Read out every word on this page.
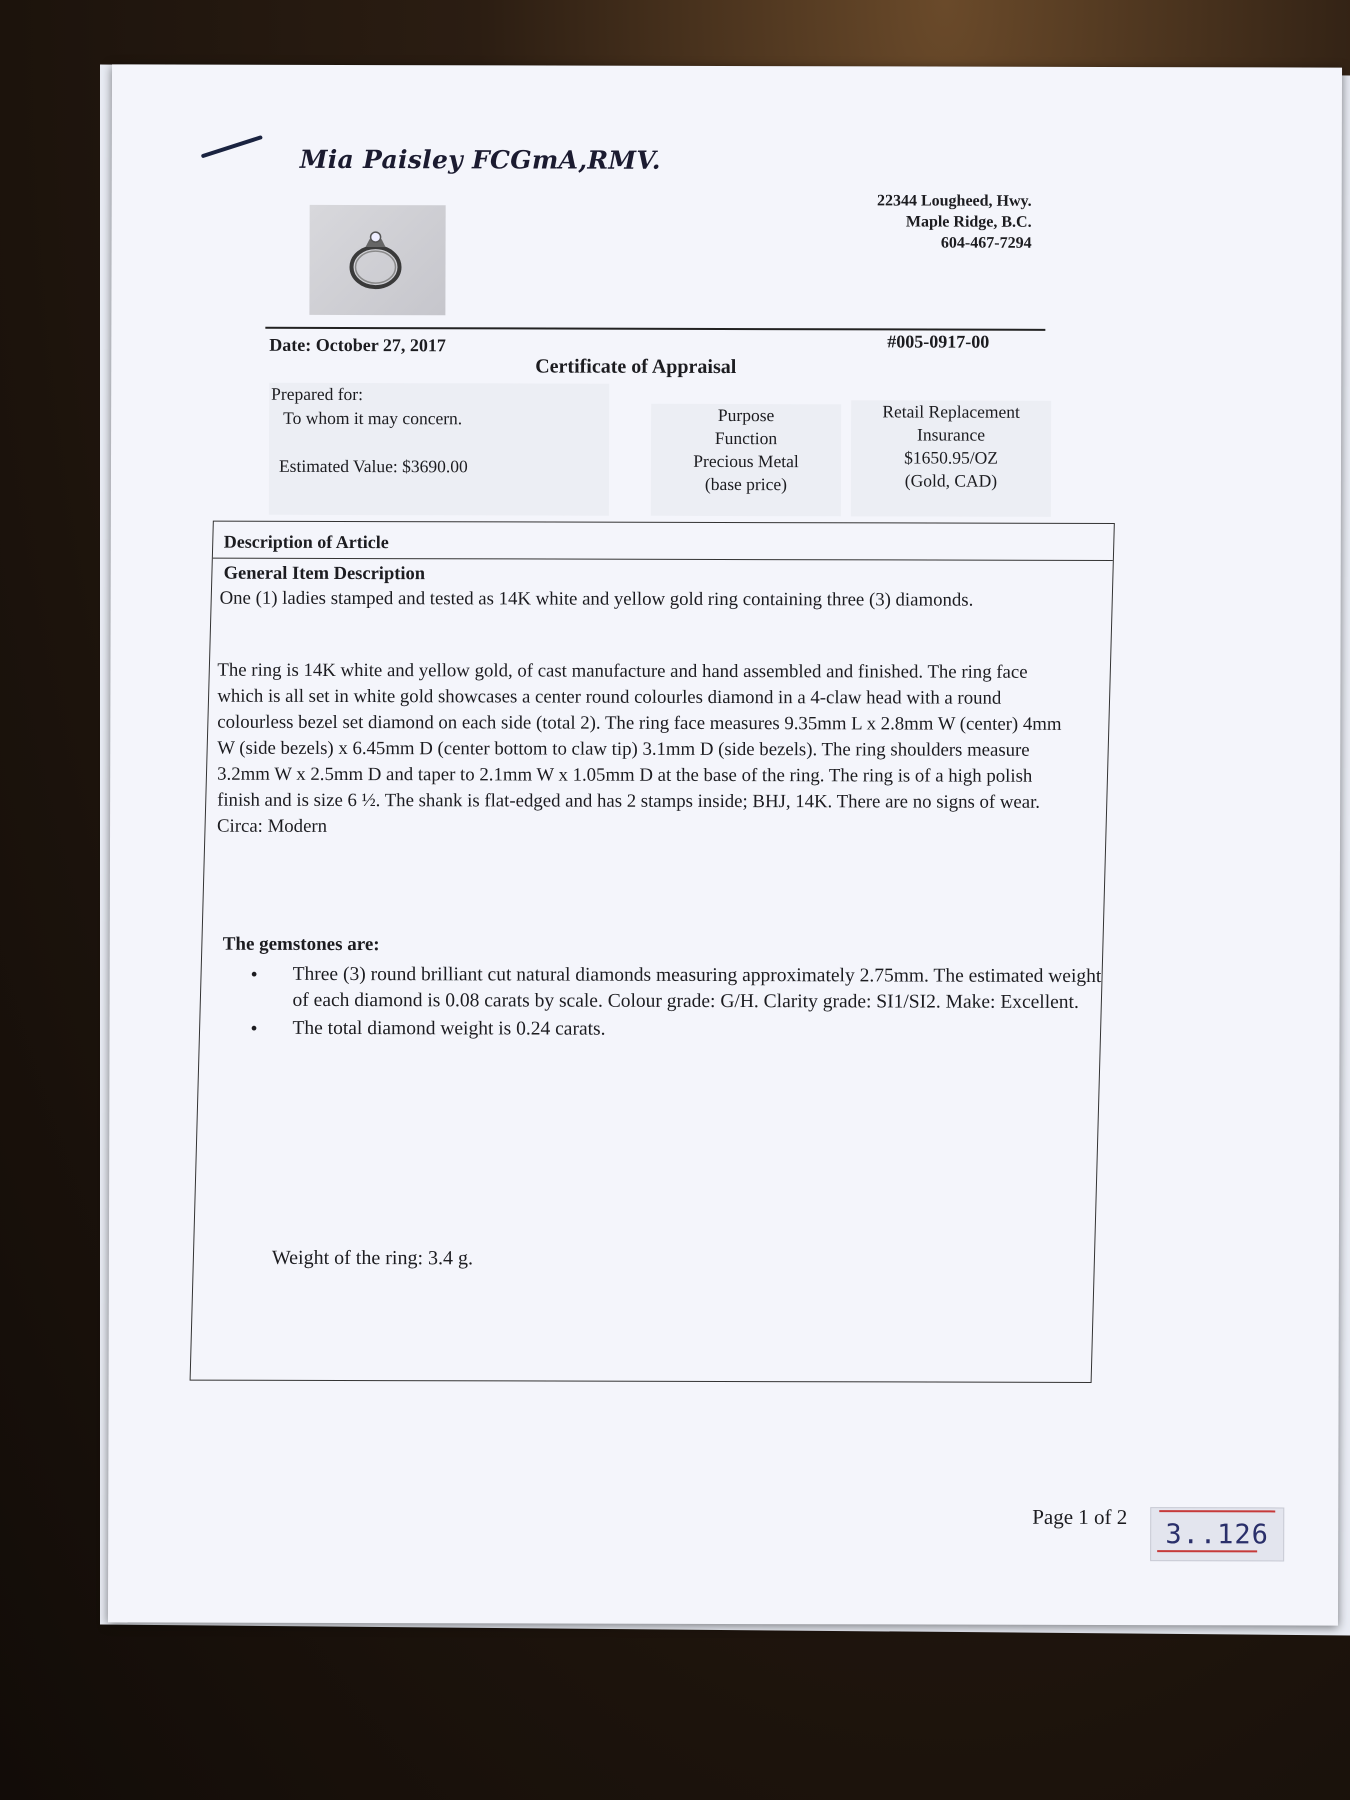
Mia Paisley FCGmA,RMV.
22344 Lougheed, Hwy.
Maple Ridge, B.C.
604-467-7294
Date: October 27, 2017	#005-0917-00
Certificate of Appraisal
Prepared for:
To whom it may concern.
Estimated Value: $3690.00
Purpose
Function
Precious Metal
(base price)
Retail Replacement
Insurance
$1650.95/OZ
(Gold, CAD)
Description of Article
General Item Description
One (1) ladies stamped and tested as 14K white and yellow gold ring containing three (3) diamonds.
The ring is 14K white and yellow gold, of cast manufacture and hand assembled and finished. The ring face which is all set in white gold showcases a center round colourles diamond in a 4-claw head with a round colourless bezel set diamond on each side (total 2). The ring face measures 9.35mm L x 2.8mm W (center) 4mm W (side bezels) x 6.45mm D (center bottom to claw tip) 3.1mm D (side bezels). The ring shoulders measure 3.2mm W x 2.5mm D and taper to 2.1mm W x 1.05mm D at the base of the ring. The ring is of a high polish finish and is size 6 ½. The shank is flat-edged and has 2 stamps inside; BHJ, 14K. There are no signs of wear. Circa: Modern
The gemstones are:
• Three (3) round brilliant cut natural diamonds measuring approximately 2.75mm. The estimated weight of each diamond is 0.08 carats by scale. Colour grade: G/H. Clarity grade: SI1/SI2. Make: Excellent.
• The total diamond weight is 0.24 carats.
Weight of the ring: 3.4 g.
Page 1 of 2
3..126
